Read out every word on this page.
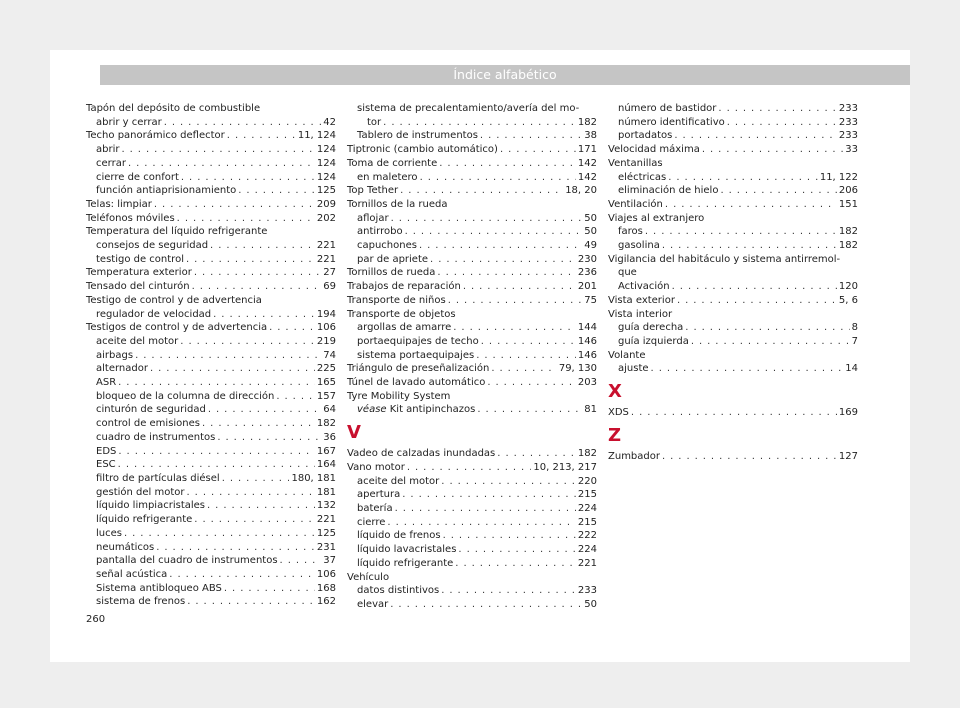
Índice alfabético
Tapón del depósito de combustible
abrir y cerrar . . .	42
Techo panorámico deflector . . .	11, 124
abrir . . .	124
cerrar . . .	124
cierre de confort . . .	124
función antiaprisionamiento . . .	125
Telas: limpiar . . .	209
Teléfonos móviles . . .	202
Temperatura del líquido refrigerante
consejos de seguridad . . .	221
testigo de control . . .	221
Temperatura exterior . . .	27
Tensado del cinturón . . .	69
Testigo de control y de advertencia
regulador de velocidad . . .	194
Testigos de control y de advertencia . . .	106
aceite del motor . . .	219
airbags . . .	74
alternador . . .	225
ASR . . .	165
bloqueo de la columna de dirección . . .	157
cinturón de seguridad . . .	64
control de emisiones . . .	182
cuadro de instrumentos . . .	36
EDS . . .	167
ESC . . .	164
filtro de partículas diésel . . .	180, 181
gestión del motor . . .	181
líquido limpiacristales . . .	132
líquido refrigerante . . .	221
luces . . .	125
neumáticos . . .	231
pantalla del cuadro de instrumentos . . .	37
señal acústica . . .	106
Sistema antibloqueo ABS . . .	168
sistema de frenos . . .	162
sistema de precalentamiento/avería del mo-
tor . . .	182
Tablero de instrumentos . . .	38
Tiptronic (cambio automático) . . .	171
Toma de corriente . . .	142
en maletero . . .	142
Top Tether . . .	18, 20
Tornillos de la rueda
aflojar . . .	50
antirrobo . . .	50
capuchones . . .	49
par de apriete . . .	230
Tornillos de rueda . . .	236
Trabajos de reparación . . .	201
Transporte de niños . . .	75
Transporte de objetos
argollas de amarre . . .	144
portaequipajes de techo . . .	146
sistema portaequipajes . . .	146
Triángulo de preseñalización . . .	79, 130
Túnel de lavado automático . . .	203
Tyre Mobility System
véase Kit antipinchazos . . .	81
V
Vadeo de calzadas inundadas . . .	182
Vano motor . . .	10, 213, 217
aceite del motor . . .	220
apertura . . .	215
batería . . .	224
cierre . . .	215
líquido de frenos . . .	222
líquido lavacristales . . .	224
líquido refrigerante . . .	221
Vehículo
datos distintivos . . .	233
elevar . . .	50
número de bastidor . . .	233
número identificativo . . .	233
portadatos . . .	233
Velocidad máxima . . .	33
Ventanillas
eléctricas . . .	11, 122
eliminación de hielo . . .	206
Ventilación . . .	151
Viajes al extranjero
faros . . .	182
gasolina . . .	182
Vigilancia del habitáculo y sistema antirremol-
que
Activación . . .	120
Vista exterior . . .	5, 6
Vista interior
guía derecha . . .	8
guía izquierda . . .	7
Volante
ajuste . . .	14
X
XDS . . .	169
Z
Zumbador . . .	127
260
